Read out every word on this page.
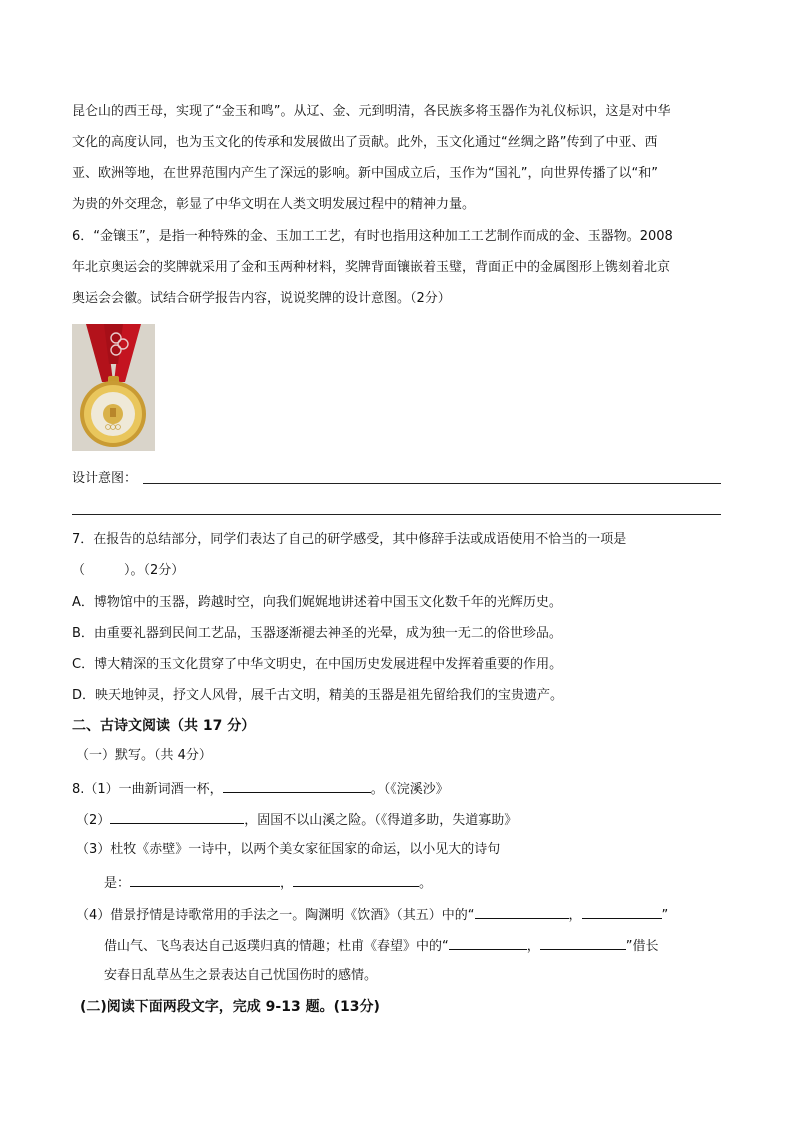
昆仑山的西王母，实现了“金玉和鸣”。从辽、金、元到明清，各民族多将玉器作为礼仪标识，这是对中华
文化的高度认同，也为玉文化的传承和发展做出了贡献。此外，玉文化通过“丝绸之路”传到了中亚、西
亚、欧洲等地，在世界范围内产生了深远的影响。新中国成立后，玉作为“国礼”，向世界传播了以“和”
为贵的外交理念，彰显了中华文明在人类文明发展过程中的精神力量。
6．“金镶玉”，是指一种特殊的金、玉加工工艺，有时也指用这种加工工艺制作而成的金、玉器物。2008
年北京奥运会的奖牌就采用了金和玉两种材料，奖牌背面镶嵌着玉璧，背面正中的金属图形上镌刻着北京
奥运会会徽。试结合研学报告内容，说说奖牌的设计意图。（2分）
设计意图：
7．在报告的总结部分，同学们表达了自己的研学感受，其中修辞手法或成语使用不恰当的一项是
（　　　）。（2分）
A．博物馆中的玉器，跨越时空，向我们娓娓地讲述着中国玉文化数千年的光辉历史。
B．由重要礼器到民间工艺品，玉器逐渐褪去神圣的光晕，成为独一无二的俗世珍品。
C．博大精深的玉文化贯穿了中华文明史，在中国历史发展进程中发挥着重要的作用。
D．映天地钟灵，抒文人风骨，展千古文明，精美的玉器是祖先留给我们的宝贵遗产。
二、古诗文阅读（共 17 分）
（一）默写。（共 4分）
8.（1）一曲新词酒一杯，	。（《浣溪沙》
（2）	，固国不以山溪之险。（《得道多助，失道寡助》
（3）杜牧《赤壁》一诗中，以两个美女家征国家的命运，以小见大的诗句
是：	，	。
（4）借景抒情是诗歌常用的手法之一。陶渊明《饮酒》（其五）中的“	，	”
借山气、飞鸟表达自己返璞归真的情趣；杜甫《春望》中的“	，	”借长
安春日乱草丛生之景表达自己忧国伤时的感情。
(二)阅读下面两段文字，完成 9-13 题。(13分)
